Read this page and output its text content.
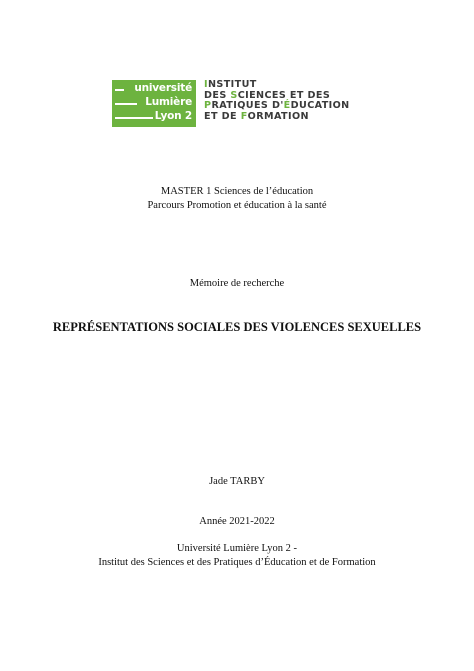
université
Lumière
Lyon 2
INSTITUT
DES SCIENCES ET DES
PRATIQUES D'ÉDUCATION
ET DE FORMATION
MASTER 1 Sciences de l’éducation
Parcours Promotion et éducation à la santé
Mémoire de recherche
REPRÉSENTATIONS SOCIALES DES VIOLENCES SEXUELLES
Jade TARBY
Année 2021-2022
Université Lumière Lyon 2 -
Institut des Sciences et des Pratiques d’Éducation et de Formation
